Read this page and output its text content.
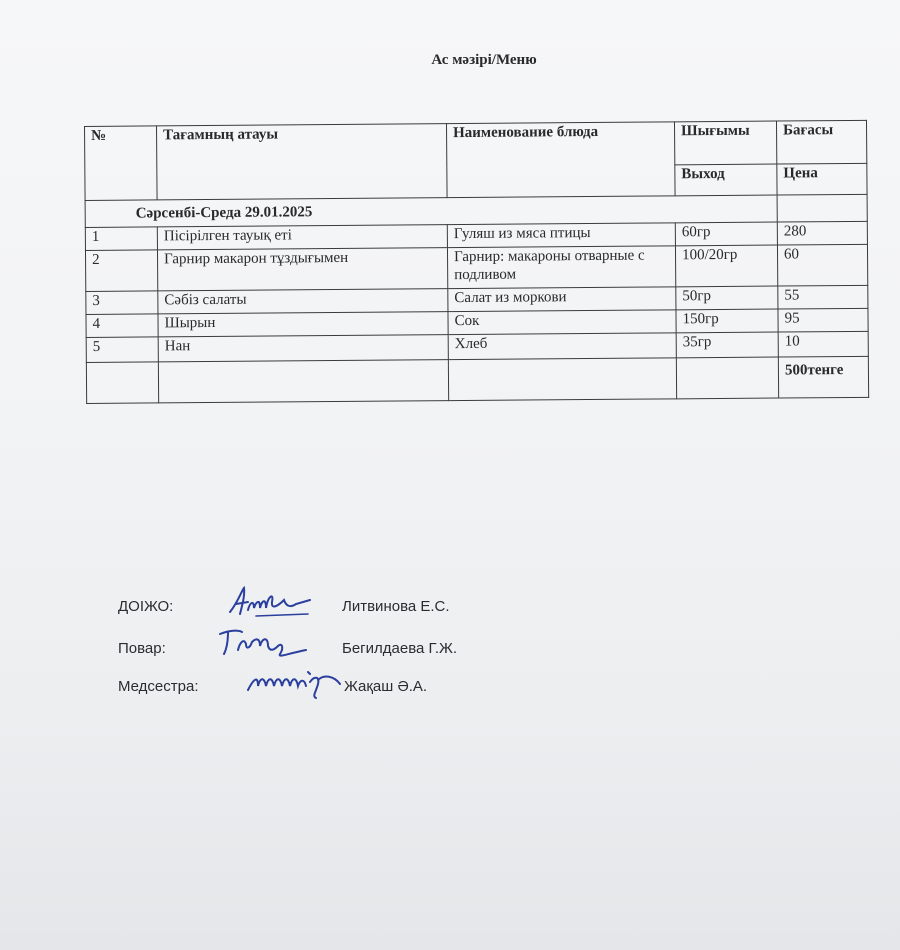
Ас мәзірі/Меню
№	Тағамның атауы	Наименование блюда	Шығымы	Бағасы
			Выход	Цена
Сәрсенбі-Среда 29.01.2025				
1	Пісірілген тауық еті	Гуляш из мяса птицы	60гр	280
2	Гарнир макарон тұздығымен	Гарнир: макароны отварные с подливом	100/20гр	60
3	Сәбіз салаты	Салат из моркови	50гр	55
4	Шырын	Сок	150гр	95
5	Нан	Хлеб	35гр	10
				500тенге
ДОIЖО:	Литвинова Е.С.
Повар:	Бегилдаева Г.Ж.
Медсестра:	Жақаш Ә.А.
